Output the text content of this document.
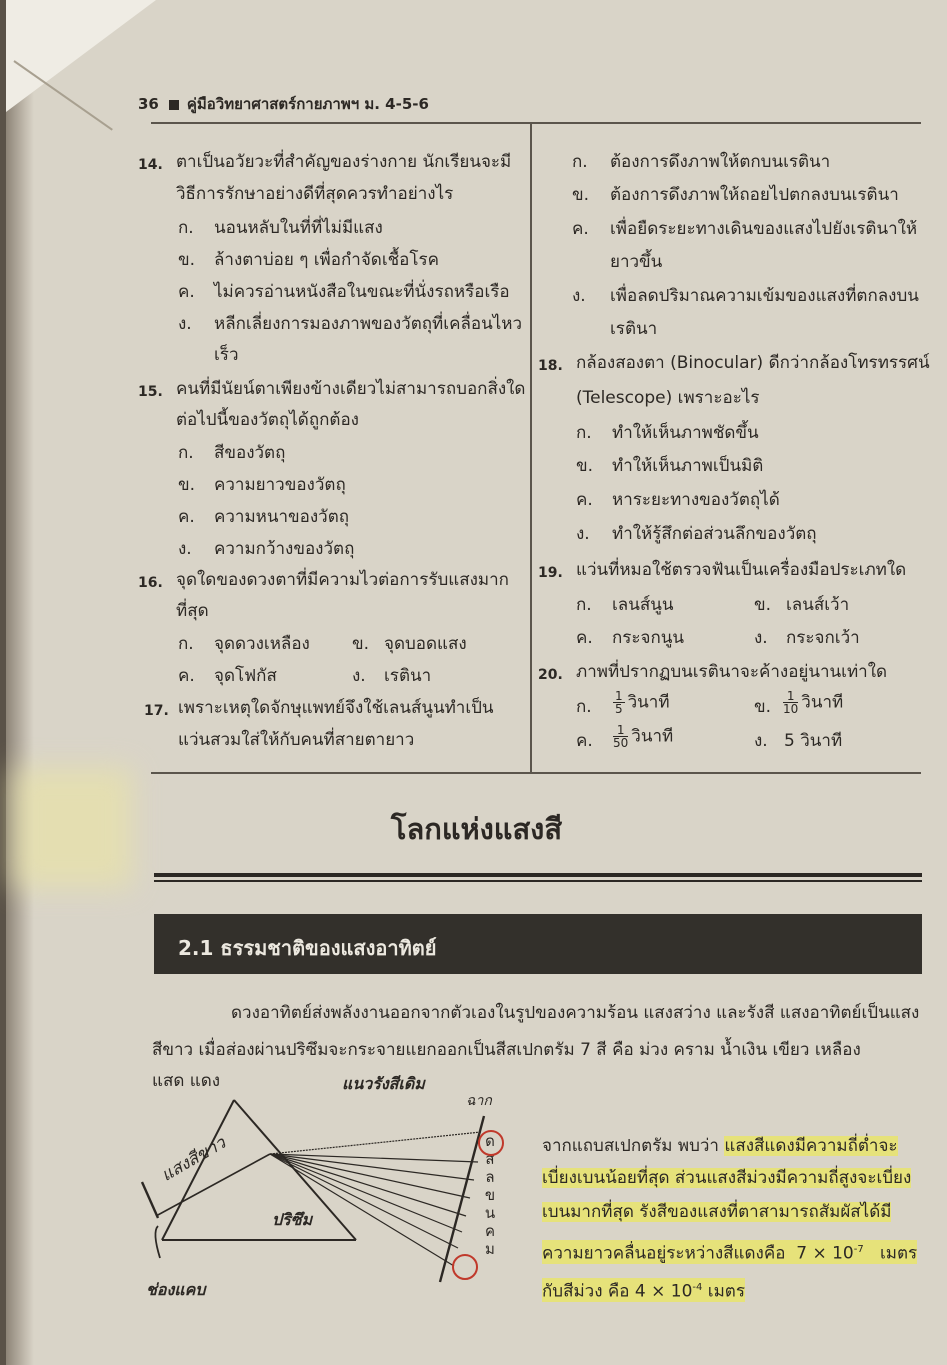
36 คู่มือวิทยาศาสตร์กายภาพฯ ม. 4-5-6
14. ตาเป็นอวัยวะที่สำคัญของร่างกาย นักเรียนจะมี
วิธีการรักษาอย่างดีที่สุดควรทำอย่างไร
ก. นอนหลับในที่ที่ไม่มีแสง
ข. ล้างตาบ่อย ๆ เพื่อกำจัดเชื้อโรค
ค. ไม่ควรอ่านหนังสือในขณะที่นั่งรถหรือเรือ
ง. หลีกเลี่ยงการมองภาพของวัตถุที่เคลื่อนไหว
เร็ว
15. คนที่มีนัยน์ตาเพียงข้างเดียวไม่สามารถบอกสิ่งใด
ต่อไปนี้ของวัตถุได้ถูกต้อง
ก. สีของวัตถุ
ข. ความยาวของวัตถุ
ค. ความหนาของวัตถุ
ง. ความกว้างของวัตถุ
16. จุดใดของดวงตาที่มีความไวต่อการรับแสงมาก
ที่สุด
ก. จุดดวงเหลือง ข. จุดบอดแสง
ค. จุดโฟกัส	ง. เรตินา
17. เพราะเหตุใดจักษุแพทย์จึงใช้เลนส์นูนทำเป็น
แว่นสวมใส่ให้กับคนที่สายตายาว
ก. ต้องการดึงภาพให้ตกบนเรตินา
ข. ต้องการดึงภาพให้ถอยไปตกลงบนเรตินา
ค. เพื่อยืดระยะทางเดินของแสงไปยังเรตินาให้
ยาวขึ้น
ง. เพื่อลดปริมาณความเข้มของแสงที่ตกลงบน
เรตินา
18. กล้องสองตา (Binocular) ดีกว่ากล้องโทรทรรศน์
(Telescope) เพราะอะไร
ก. ทำให้เห็นภาพชัดขึ้น
ข. ทำให้เห็นภาพเป็นมิติ
ค. หาระยะทางของวัตถุได้
ง. ทำให้รู้สึกต่อส่วนลึกของวัตถุ
19. แว่นที่หมอใช้ตรวจฟันเป็นเครื่องมือประเภทใด
ก. เลนส์นูน	ข. เลนส์เว้า
ค. กระจกนูน	ง. กระจกเว้า
20. ภาพที่ปรากฏบนเรตินาจะค้างอยู่นานเท่าใด
ก. $\frac{1}{5}$ วินาที	ข. $\frac{1}{10}$ วินาที
ค. $\frac{1}{50}$ วินาที	ง. 5 วินาที
โลกแห่งแสงสี
2.1 ธรรมชาติของแสงอาทิตย์
ดวงอาทิตย์ส่งพลังงานออกจากตัวเองในรูปของความร้อน แสงสว่าง และรังสี แสงอาทิตย์เป็นแสง
สีขาว เมื่อส่องผ่านปริซึมจะกระจายแยกออกเป็นสีสเปกตรัม 7 สี คือ ม่วง คราม น้ำเงิน เขียว เหลือง
แสด แดง
แสงสีขาว
แนวรังสีเดิม
ฉาก
ปริซึม
ช่องแคบ
ด
ส
ล
ข
น
ค
ม
จากแถบสเปกตรัม พบว่า แสงสีแดงมีความถี่ต่ำจะ
เบี่ยงเบนน้อยที่สุด ส่วนแสงสีม่วงมีความถี่สูงจะเบี่ยง
เบนมากที่สุด รังสีของแสงที่ตาสามารถสัมผัสได้มี
ความยาวคลื่นอยู่ระหว่างสีแดงคือ $7 \times 10^{-7}$ เมตร
กับสีม่วง คือ $4 \times 10^{-4}$ เมตร
